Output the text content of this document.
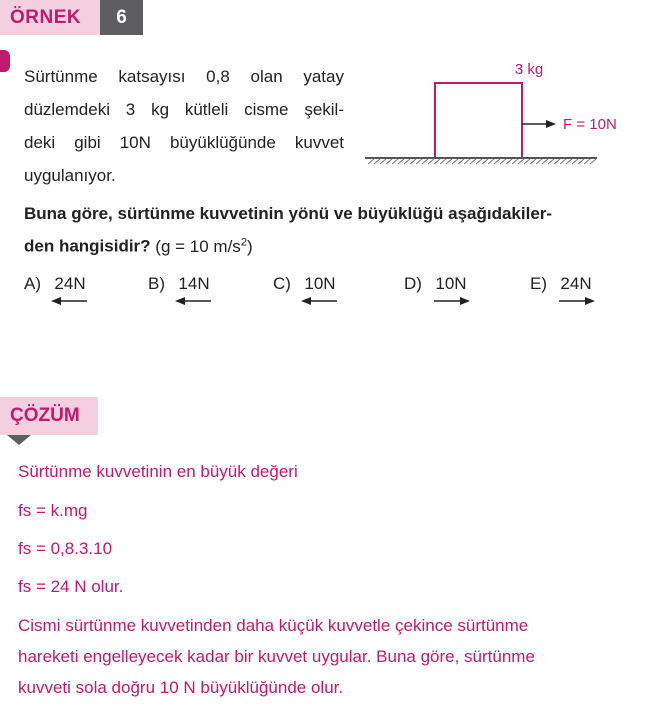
ÖRNEK	6
Sürtünme katsayısı 0,8 olan yatay
düzlemdeki 3 kg kütleli cisme şekil-
deki gibi 10N büyüklüğünde kuvvet
uygulanıyor.
3 kg
F = 10N
Buna göre, sürtünme kuvvetinin yönü ve büyüklüğü aşağıdakiler-
den hangisidir? (g = 10 $m/s^2$)
A) 24N	B) 14N	C) 10N	D) 10N	E) 24N
ÇÖZÜM
Sürtünme kuvvetinin en büyük değeri
fs = k.mg
fs = 0,8.3.10
fs = 24 N olur.
Cismi sürtünme kuvvetinden daha küçük kuvvetle çekince sürtünme
hareketi engelleyecek kadar bir kuvvet uygular. Buna göre, sürtünme
kuvveti sola doğru 10 N büyüklüğünde olur.
